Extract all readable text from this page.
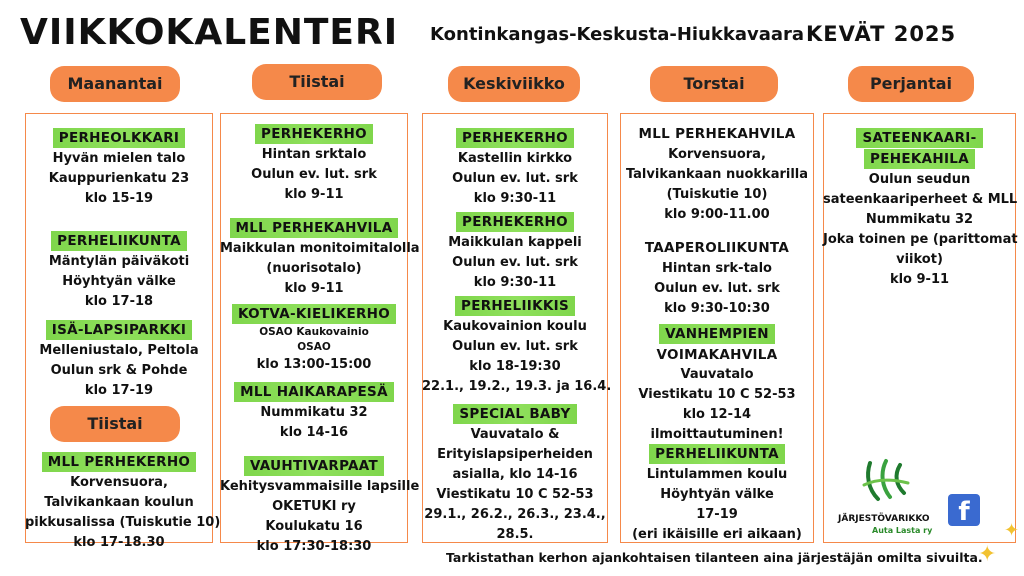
VIIKKOKALENTERI Kontinkangas-Keskusta-Hiukkavaara KEVÄT 2025
Maanantai	Tiistai	Keskiviikko	Torstai	Perjantai
PERHEOLKKARI
Hyvän mielen talo
Kauppurienkatu 23
klo 15-19
PERHELIIKUNTA
Mäntylän päiväkoti
Höyhtyän välke
klo 17-18
ISÄ-LAPSIPARKKI
Melleniustalo, Peltola
Oulun srk & Pohde
klo 17-19
Tiistai
MLL PERHEKERHO
Korvensuora,
Talvikankaan koulun
pikkusalissa (Tuiskutie 10)
klo 17-18.30
PERHEKERHO
Hintan srktalo
Oulun ev. lut. srk
klo 9-11
MLL PERHEKAHVILA
Maikkulan monitoimitalolla
(nuorisotalo)
klo 9-11
KOTVA-KIELIKERHO
OSAO Kaukovainio
OSAO
klo 13:00-15:00
MLL HAIKARAPESÄ
Nummikatu 32
klo 14-16
VAUHTIVARPAAT
Kehitysvammaisille lapsille
OKETUKI ry
Koulukatu 16
klo 17:30-18:30
PERHEKERHO
Kastellin kirkko
Oulun ev. lut. srk
klo 9:30-11
PERHEKERHO
Maikkulan kappeli
Oulun ev. lut. srk
klo 9:30-11
PERHELIIKKIS
Kaukovainion koulu
Oulun ev. lut. srk
klo 18-19:30
22.1., 19.2., 19.3. ja 16.4.
SPECIAL BABY
Vauvatalo &
Erityislapsiperheiden
asialla, klo 14-16
Viestikatu 10 C 52-53
29.1., 26.2., 26.3., 23.4.,
28.5.
MLL PERHEKAHVILA
Korvensuora,
Talvikankaan nuokkarilla
(Tuiskutie 10)
klo 9:00-11.00
TAAPEROLIIKUNTA
Hintan srk-talo
Oulun ev. lut. srk
klo 9:30-10:30
VANHEMPIEN
VOIMAKAHVILA
Vauvatalo
Viestikatu 10 C 52-53
klo 12-14
ilmoittautuminen!
PERHELIIKUNTA
Lintulammen koulu
Höyhtyän välke
17-19
(eri ikäisille eri aikaan)
SATEENKAARI-
PEHEKAHILA
Oulun seudun
sateenkaariperheet & MLL
Nummikatu 32
Joka toinen pe (parittomat
viikot)
klo 9-11
JÄRJESTÖVARIKKO
Auta Lasta ry
f
✦
✦
Tarkistathan kerhon ajankohtaisen tilanteen aina järjestäjän omilta sivuilta.
